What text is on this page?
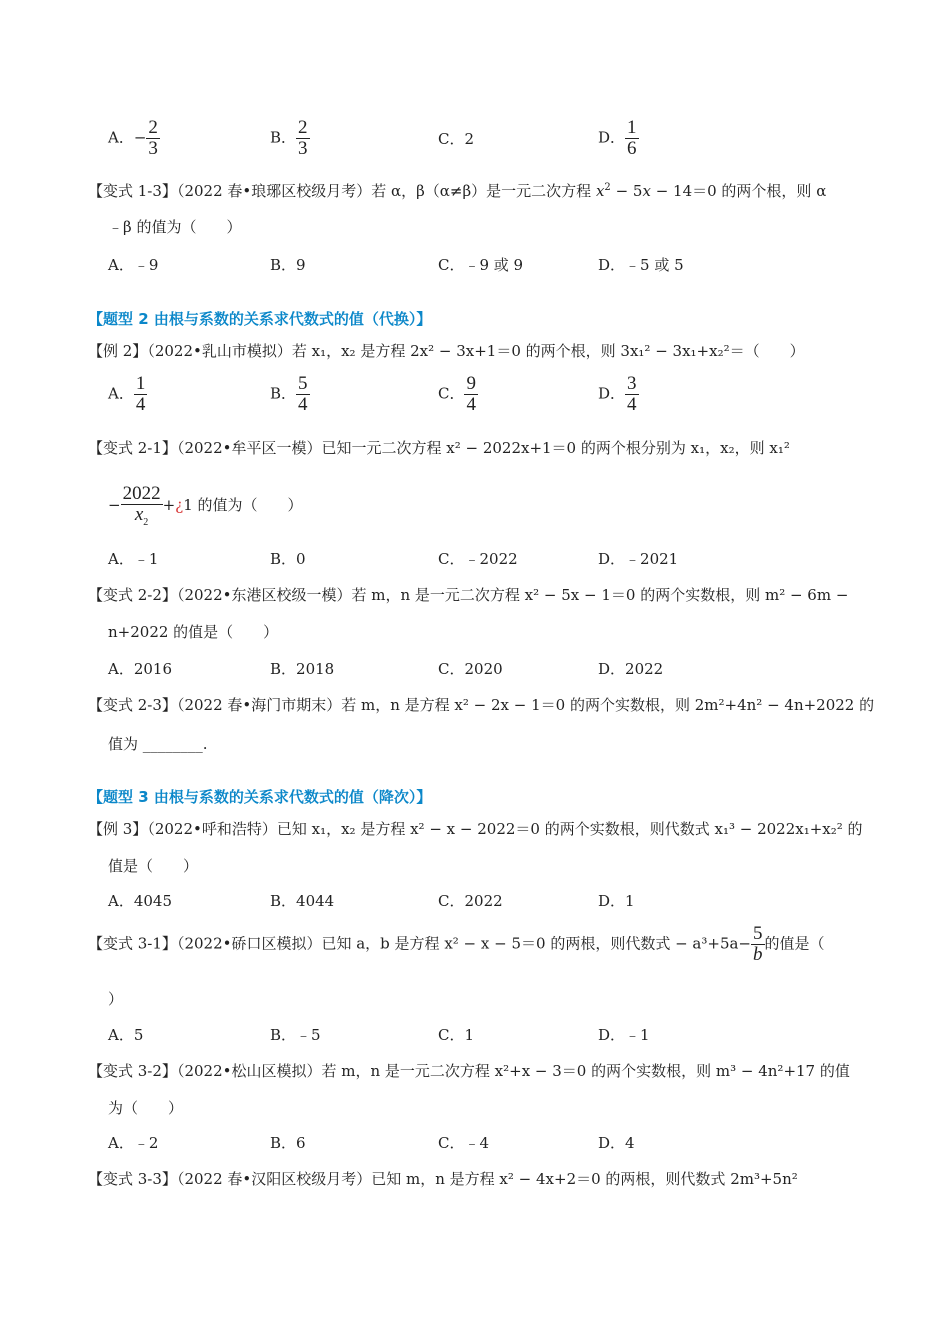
A．− $\frac{2}{3}$	B． $\frac{2}{3}$	C．2	D． $\frac{1}{6}$
【变式 1-3】（2022 春•琅琊区校级月考）若 α，β（α≠β）是一元二次方程 $x^2 - 5x - 14=0$ 的两个根，则 α
﹣β 的值为（　　）
A．﹣9	B．9	C．﹣9 或 9	D．﹣5 或 5
【题型 2 由根与系数的关系求代数式的值（代换）】
【例 2】（2022•乳山市模拟）若 x₁，x₂ 是方程 2x² − 3x+1＝0 的两个根，则 3x₁² − 3x₁+x₂²＝（　　）
A． $\frac{1}{4}$	B． $\frac{5}{4}$	C． $\frac{9}{4}$	D． $\frac{3}{4}$
【变式 2-1】（2022•牟平区一模）已知一元二次方程 x² − 2022x+1＝0 的两个根分别为 x₁，x₂，则 x₁²
− $\frac{2022}{x_2}$ +¿1 的值为（　　）
A．﹣1	B．0	C．﹣2022	D．﹣2021
【变式 2-2】（2022•东港区校级一模）若 m，n 是一元二次方程 x² − 5x − 1＝0 的两个实数根，则 m² − 6m −
n+2022 的值是（　　）
A．2016	B．2018	C．2020	D．2022
【变式 2-3】（2022 春•海门市期末）若 m，n 是方程 x² − 2x − 1＝0 的两个实数根，则 2m²+4n² − 4n+2022 的
值为 ________.
【题型 3 由根与系数的关系求代数式的值（降次）】
【例 3】（2022•呼和浩特）已知 x₁，x₂ 是方程 x² − x − 2022＝0 的两个实数根，则代数式 x₁³ − 2022x₁+x₂² 的
值是（　　）
A．4045	B．4044	C．2022	D．1
【变式 3-1】（2022•硚口区模拟）已知 a，b 是方程 x² − x − 5＝0 的两根，则代数式 − $a^3+5a- \frac{5}{b}$ 的值是（
）
A．5	B．﹣5	C．1	D．﹣1
【变式 3-2】（2022•松山区模拟）若 m，n 是一元二次方程 x²+x − 3＝0 的两个实数根，则 m³ − 4n²+17 的值
为（　　）
A．﹣2	B．6	C．﹣4	D．4
【变式 3-3】（2022 春•汉阳区校级月考）已知 m，n 是方程 x² − 4x+2＝0 的两根，则代数式 2m³+5n²
